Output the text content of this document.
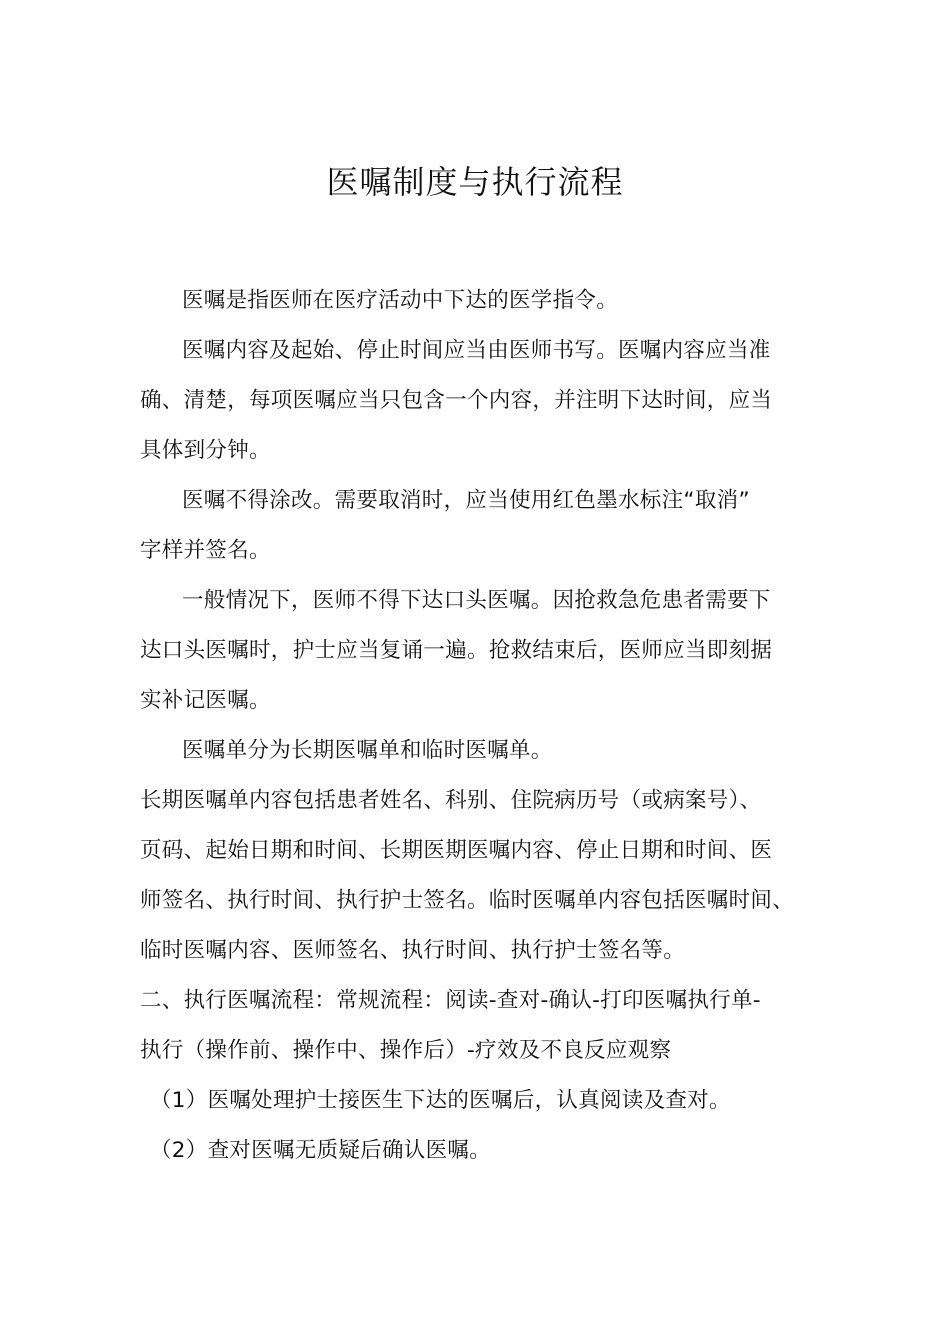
医嘱制度与执行流程

医嘱是指医师在医疗活动中下达的医学指令。

医嘱内容及起始、停止时间应当由医师书写。医嘱内容应当准
确、清楚，每项医嘱应当只包含一个内容，并注明下达时间，应当
具体到分钟。

医嘱不得涂改。需要取消时，应当使用红色墨水标注“取消”
字样并签名。

一般情况下，医师不得下达口头医嘱。因抢救急危患者需要下
达口头医嘱时，护士应当复诵一遍。抢救结束后，医师应当即刻据
实补记医嘱。

医嘱单分为长期医嘱单和临时医嘱单。

长期医嘱单内容包括患者姓名、科别、住院病历号（或病案号）、
页码、起始日期和时间、长期医期医嘱内容、停止日期和时间、医
师签名、执行时间、执行护士签名。临时医嘱单内容包括医嘱时间、
临时医嘱内容、医师签名、执行时间、执行护士签名等。

二、执行医嘱流程：常规流程：阅读-查对-确认-打印医嘱执行单-
执行（操作前、操作中、操作后）-疗效及不良反应观察

（1）医嘱处理护士接医生下达的医嘱后，认真阅读及查对。

（2）查对医嘱无质疑后确认医嘱。
